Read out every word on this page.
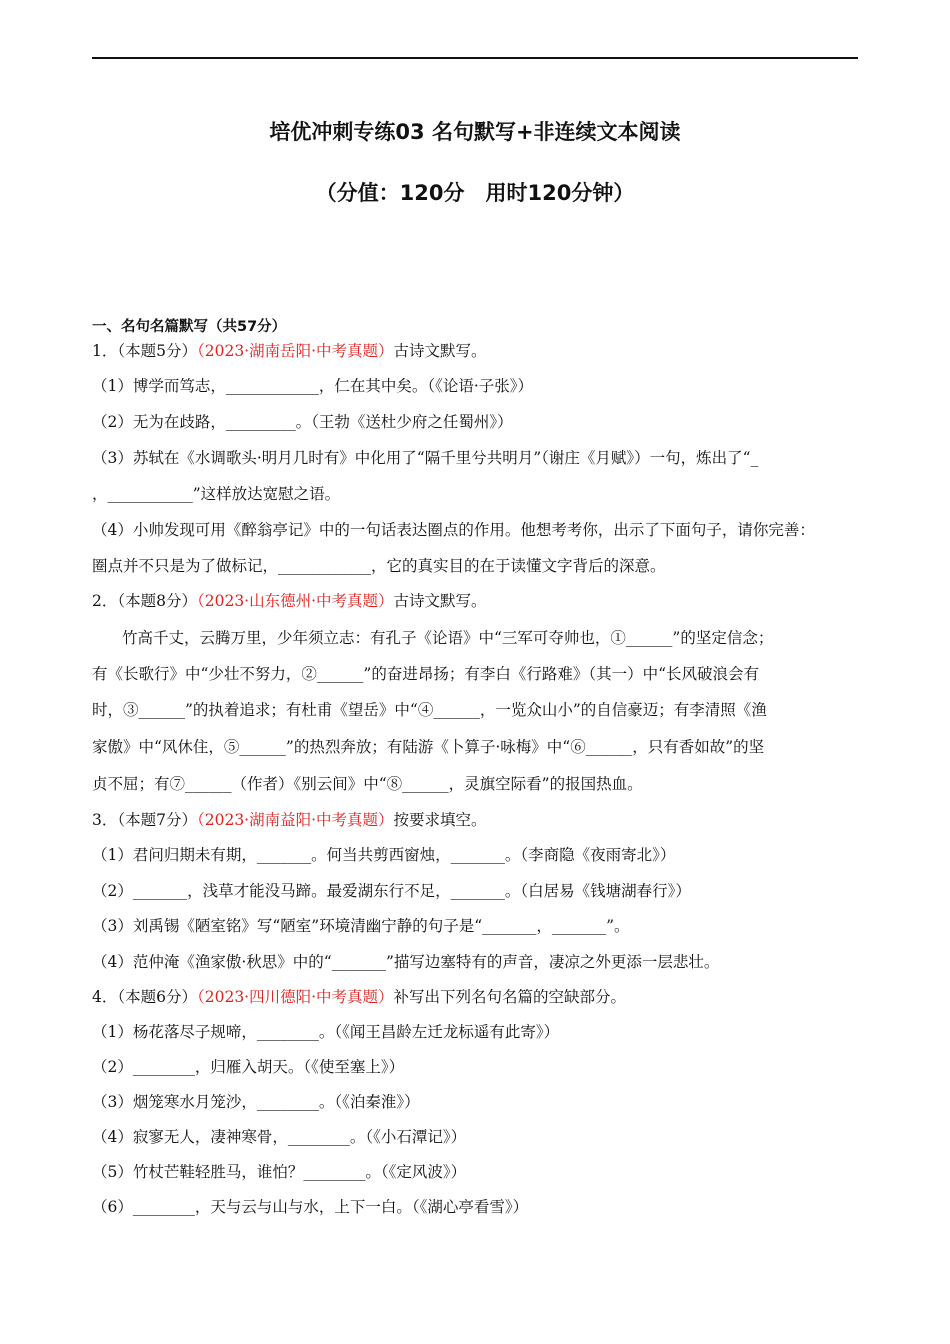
培优冲刺专练03 名句默写+非连续文本阅读
（分值：120分　用时120分钟）
一、名句名篇默写（共57分）
1．（本题5分）（2023·湖南岳阳·中考真题）古诗文默写。
（1）博学而笃志，____________，仁在其中矣。（《论语·子张》）
（2）无为在歧路，_________。（王勃《送杜少府之任蜀州》）
（3）苏轼在《水调歌头·明月几时有》中化用了“隔千里兮共明月”（谢庄《月赋》）一句，炼出了“_
，___________”这样放达宽慰之语。
（4）小帅发现可用《醉翁亭记》中的一句话表达圈点的作用。他想考考你，出示了下面句子，请你完善：
圈点并不只是为了做标记，____________，它的真实目的在于读懂文字背后的深意。
2．（本题8分）（2023·山东德州·中考真题）古诗文默写。
竹高千丈，云腾万里，少年须立志：有孔子《论语》中“三军可夺帅也，①______”的坚定信念；
有《长歌行》中“少壮不努力，②______”的奋进昂扬；有李白《行路难》（其一）中“长风破浪会有
时，③______”的执着追求；有杜甫《望岳》中“④______，一览众山小”的自信豪迈；有李清照《渔
家傲》中“风休住，⑤______”的热烈奔放；有陆游《卜算子·咏梅》中“⑥______，只有香如故”的坚
贞不屈；有⑦______（作者）《别云间》中“⑧______，灵旗空际看”的报国热血。
3．（本题7分）（2023·湖南益阳·中考真题）按要求填空。
（1）君问归期未有期，_______。何当共剪西窗烛，_______。（李商隐《夜雨寄北》）
（2）_______，浅草才能没马蹄。最爱湖东行不足，_______。（白居易《钱塘湖春行》）
（3）刘禹锡《陋室铭》写“陋室”环境清幽宁静的句子是“_______，_______”。
（4）范仲淹《渔家傲·秋思》中的“_______”描写边塞特有的声音，凄凉之外更添一层悲壮。
4．（本题6分）（2023·四川德阳·中考真题）补写出下列名句名篇的空缺部分。
（1）杨花落尽子规啼，________。（《闻王昌龄左迁龙标遥有此寄》）
（2）________，归雁入胡天。（《使至塞上》）
（3）烟笼寒水月笼沙，________。（《泊秦淮》）
（4）寂寥无人，凄神寒骨，________。（《小石潭记》）
（5）竹杖芒鞋轻胜马，谁怕？________。（《定风波》）
（6）________，天与云与山与水，上下一白。（《湖心亭看雪》）
